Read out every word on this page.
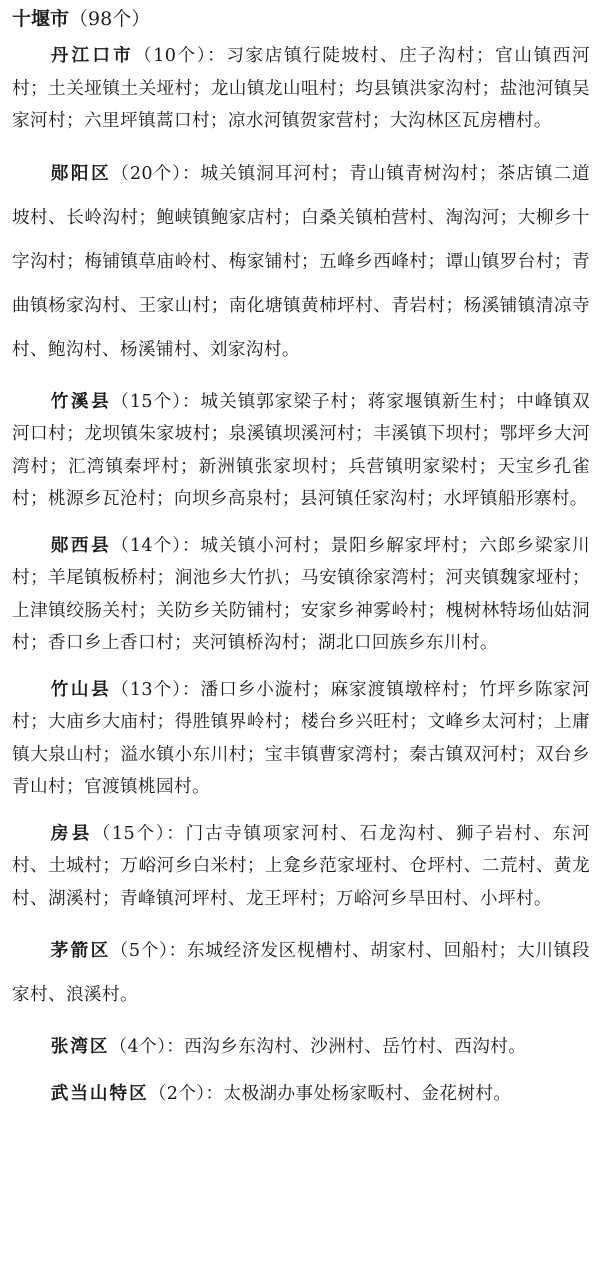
十堰市（98个）

丹江口市（10个）：习家店镇行陡坡村、庄子沟村；官山镇西河村；土关垭镇土关垭村；龙山镇龙山咀村；均县镇洪家沟村；盐池河镇吴家河村；六里坪镇蒿口村；凉水河镇贺家营村；大沟林区瓦房槽村。

郧阳区（20个）：城关镇洞耳河村；青山镇青树沟村；茶店镇二道坡村、长岭沟村；鲍峡镇鲍家店村；白桑关镇柏营村、淘沟河；大柳乡十字沟村；梅铺镇草庙岭村、梅家铺村；五峰乡西峰村；谭山镇罗台村；青曲镇杨家沟村、王家山村；南化塘镇黄柿坪村、青岩村；杨溪铺镇清凉寺村、鲍沟村、杨溪铺村、刘家沟村。

竹溪县（15个）：城关镇郭家梁子村；蒋家堰镇新生村；中峰镇双河口村；龙坝镇朱家坡村；泉溪镇坝溪河村；丰溪镇下坝村；鄂坪乡大河湾村；汇湾镇秦坪村；新洲镇张家坝村；兵营镇明家梁村；天宝乡孔雀村；桃源乡瓦沧村；向坝乡高泉村；县河镇任家沟村；水坪镇船形寨村。

郧西县（14个）：城关镇小河村；景阳乡解家坪村；六郎乡梁家川村；羊尾镇板桥村；涧池乡大竹扒；马安镇徐家湾村；河夹镇魏家垭村；上津镇绞肠关村；关防乡关防铺村；安家乡神雾岭村；槐树林特场仙姑洞村；香口乡上香口村；夹河镇桥沟村；湖北口回族乡东川村。

竹山县（13个）：潘口乡小漩村；麻家渡镇墩梓村；竹坪乡陈家河村；大庙乡大庙村；得胜镇界岭村；楼台乡兴旺村；文峰乡太河村；上庸镇大泉山村；溢水镇小东川村；宝丰镇曹家湾村；秦古镇双河村；双台乡青山村；官渡镇桃园村。

房县（15个）：门古寺镇项家河村、石龙沟村、狮子岩村、东河村、土城村；万峪河乡白米村；上龛乡范家垭村、仓坪村、二荒村、黄龙村、湖溪村；青峰镇河坪村、龙王坪村；万峪河乡旱田村、小坪村。

茅箭区（5个）：东城经济发区枧槽村、胡家村、回船村；大川镇段家村、浪溪村。

张湾区（4个）：西沟乡东沟村、沙洲村、岳竹村、西沟村。

武当山特区（2个）：太极湖办事处杨家畈村、金花树村。
